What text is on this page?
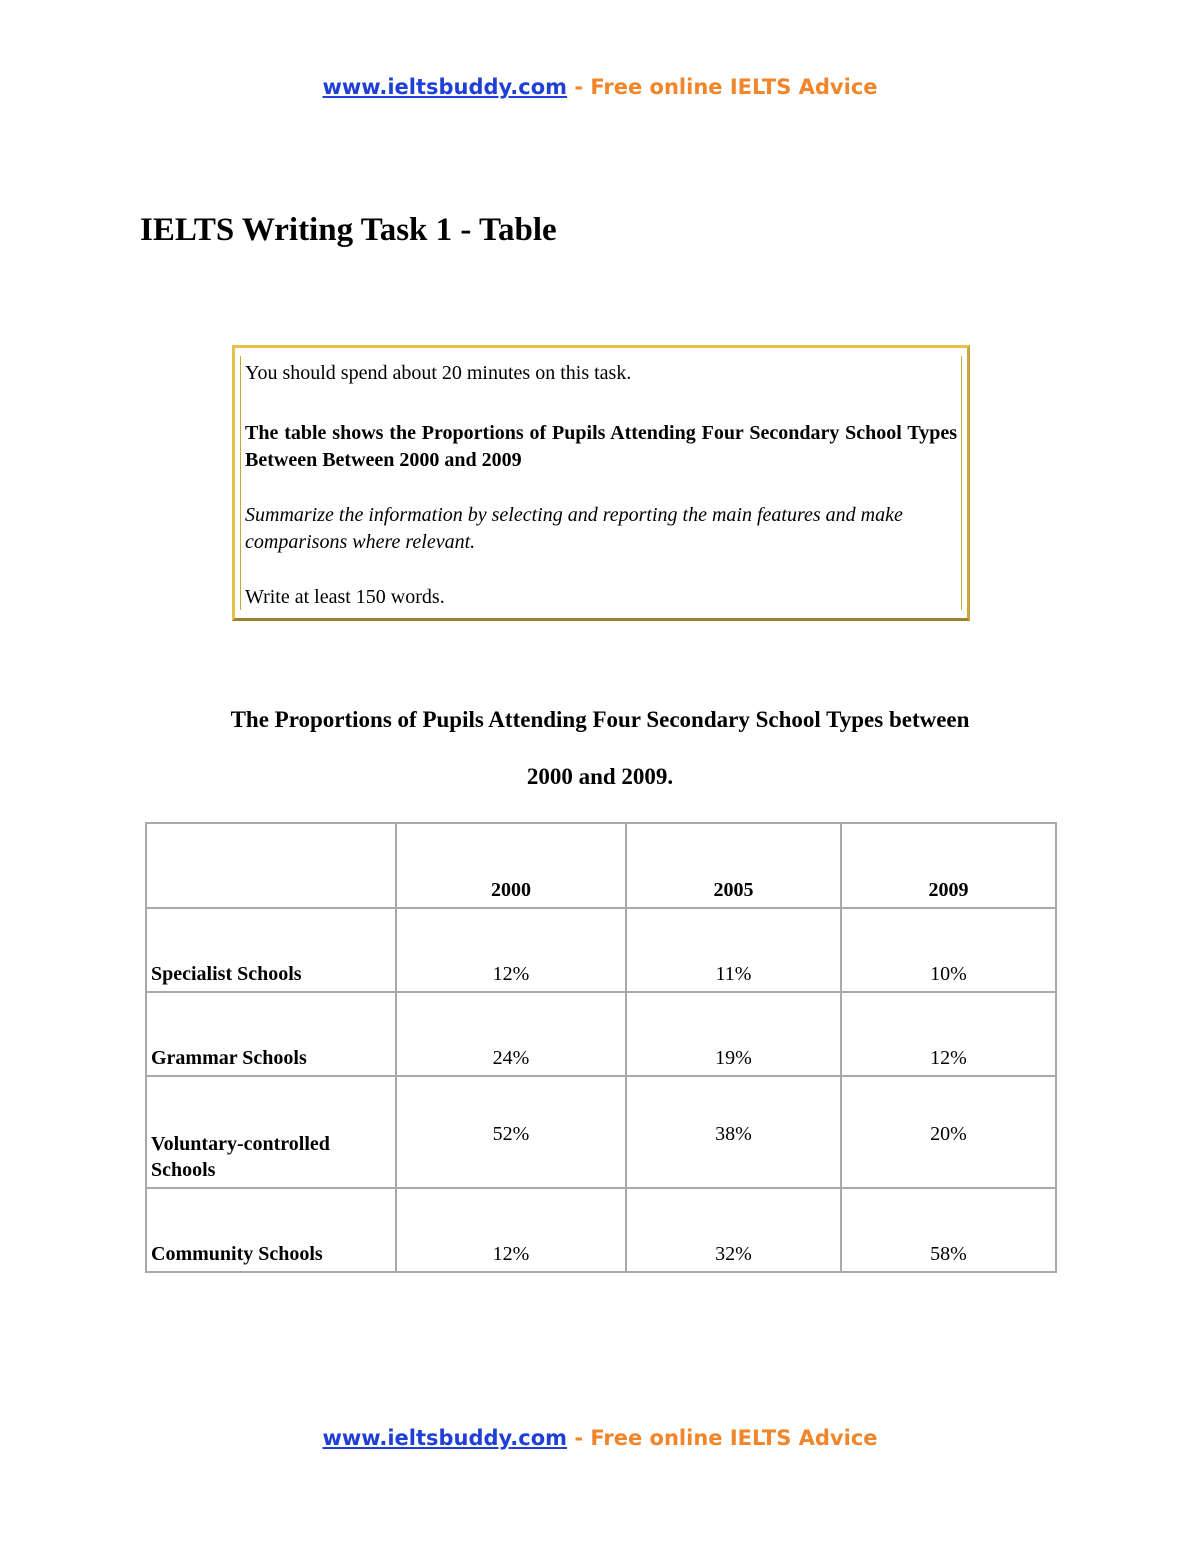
www.ieltsbuddy.com - Free online IELTS Advice
IELTS Writing Task 1 - Table

You should spend about 20 minutes on this task.

The table shows the Proportions of Pupils Attending Four Secondary School Types Between Between 2000 and 2009

Summarize the information by selecting and reporting the main features and make comparisons where relevant.

Write at least 150 words.

The Proportions of Pupils Attending Four Secondary School Types between

2000 and 2009.

	2000	2005	2009
Specialist Schools	12%	11%	10%
Grammar Schools	24%	19%	12%
Voluntary-controlled Schools	52%	38%	20%
Community Schools	12%	32%	58%
www.ieltsbuddy.com - Free online IELTS Advice
